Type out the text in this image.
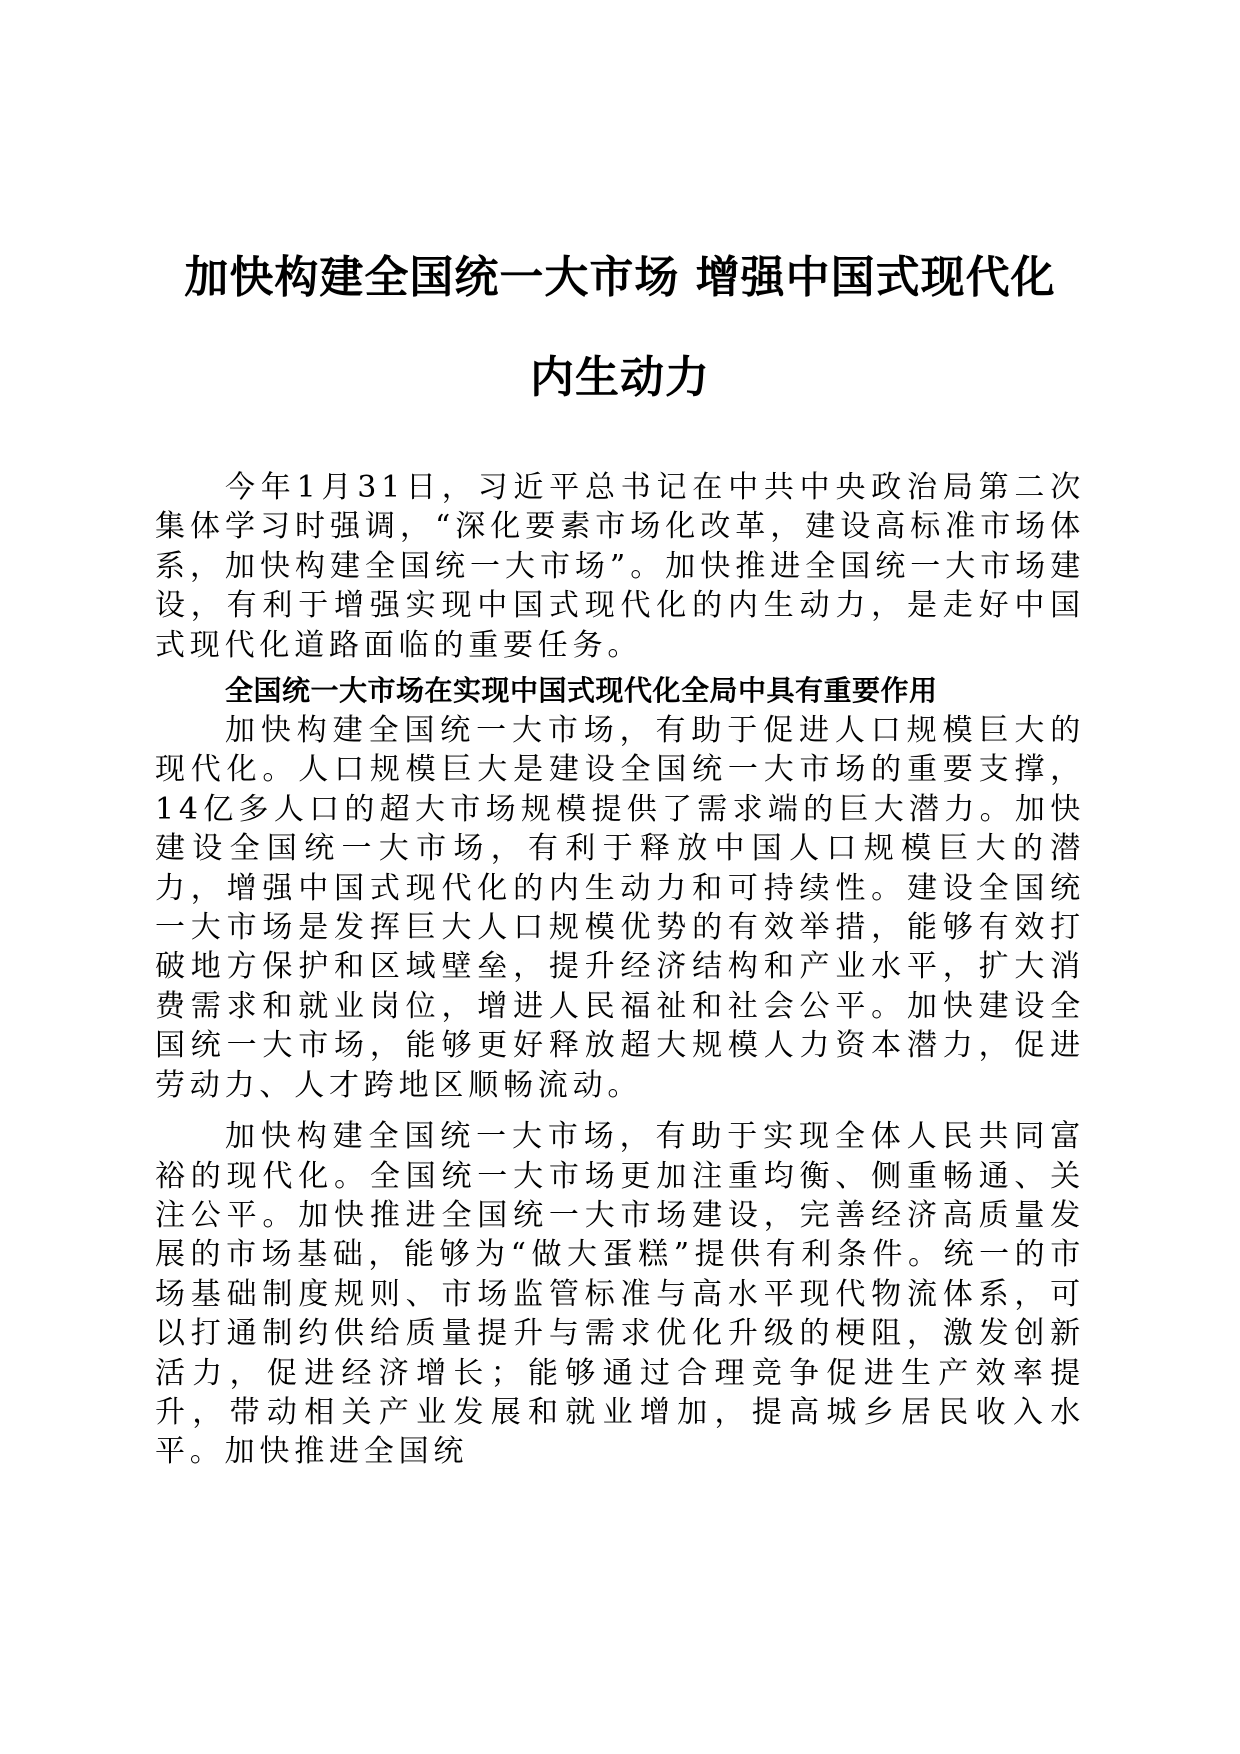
加快构建全国统一大市场 增强中国式现代化
内生动力

今年1月31日，习近平总书记在中共中央政治局第二次集体学习时强调，“深化要素市场化改革，建设高标准市场体系，加快构建全国统一大市场”。加快推进全国统一大市场建设，有利于增强实现中国式现代化的内生动力，是走好中国式现代化道路面临的重要任务。

全国统一大市场在实现中国式现代化全局中具有重要作用

加快构建全国统一大市场，有助于促进人口规模巨大的现代化。人口规模巨大是建设全国统一大市场的重要支撑，14亿多人口的超大市场规模提供了需求端的巨大潜力。加快建设全国统一大市场，有利于释放中国人口规模巨大的潜力，增强中国式现代化的内生动力和可持续性。建设全国统一大市场是发挥巨大人口规模优势的有效举措，能够有效打破地方保护和区域壁垒，提升经济结构和产业水平，扩大消费需求和就业岗位，增进人民福祉和社会公平。加快建设全国统一大市场，能够更好释放超大规模人力资本潜力，促进劳动力、人才跨地区顺畅流动。

加快构建全国统一大市场，有助于实现全体人民共同富裕的现代化。全国统一大市场更加注重均衡、侧重畅通、关注公平。加快推进全国统一大市场建设，完善经济高质量发展的市场基础，能够为“做大蛋糕”提供有利条件。统一的市场基础制度规则、市场监管标准与高水平现代物流体系，可以打通制约供给质量提升与需求优化升级的梗阻，激发创新活力，促进经济增长；能够通过合理竞争促进生产效率提升，带动相关产业发展和就业增加，提高城乡居民收入水平。加快推进全国统
